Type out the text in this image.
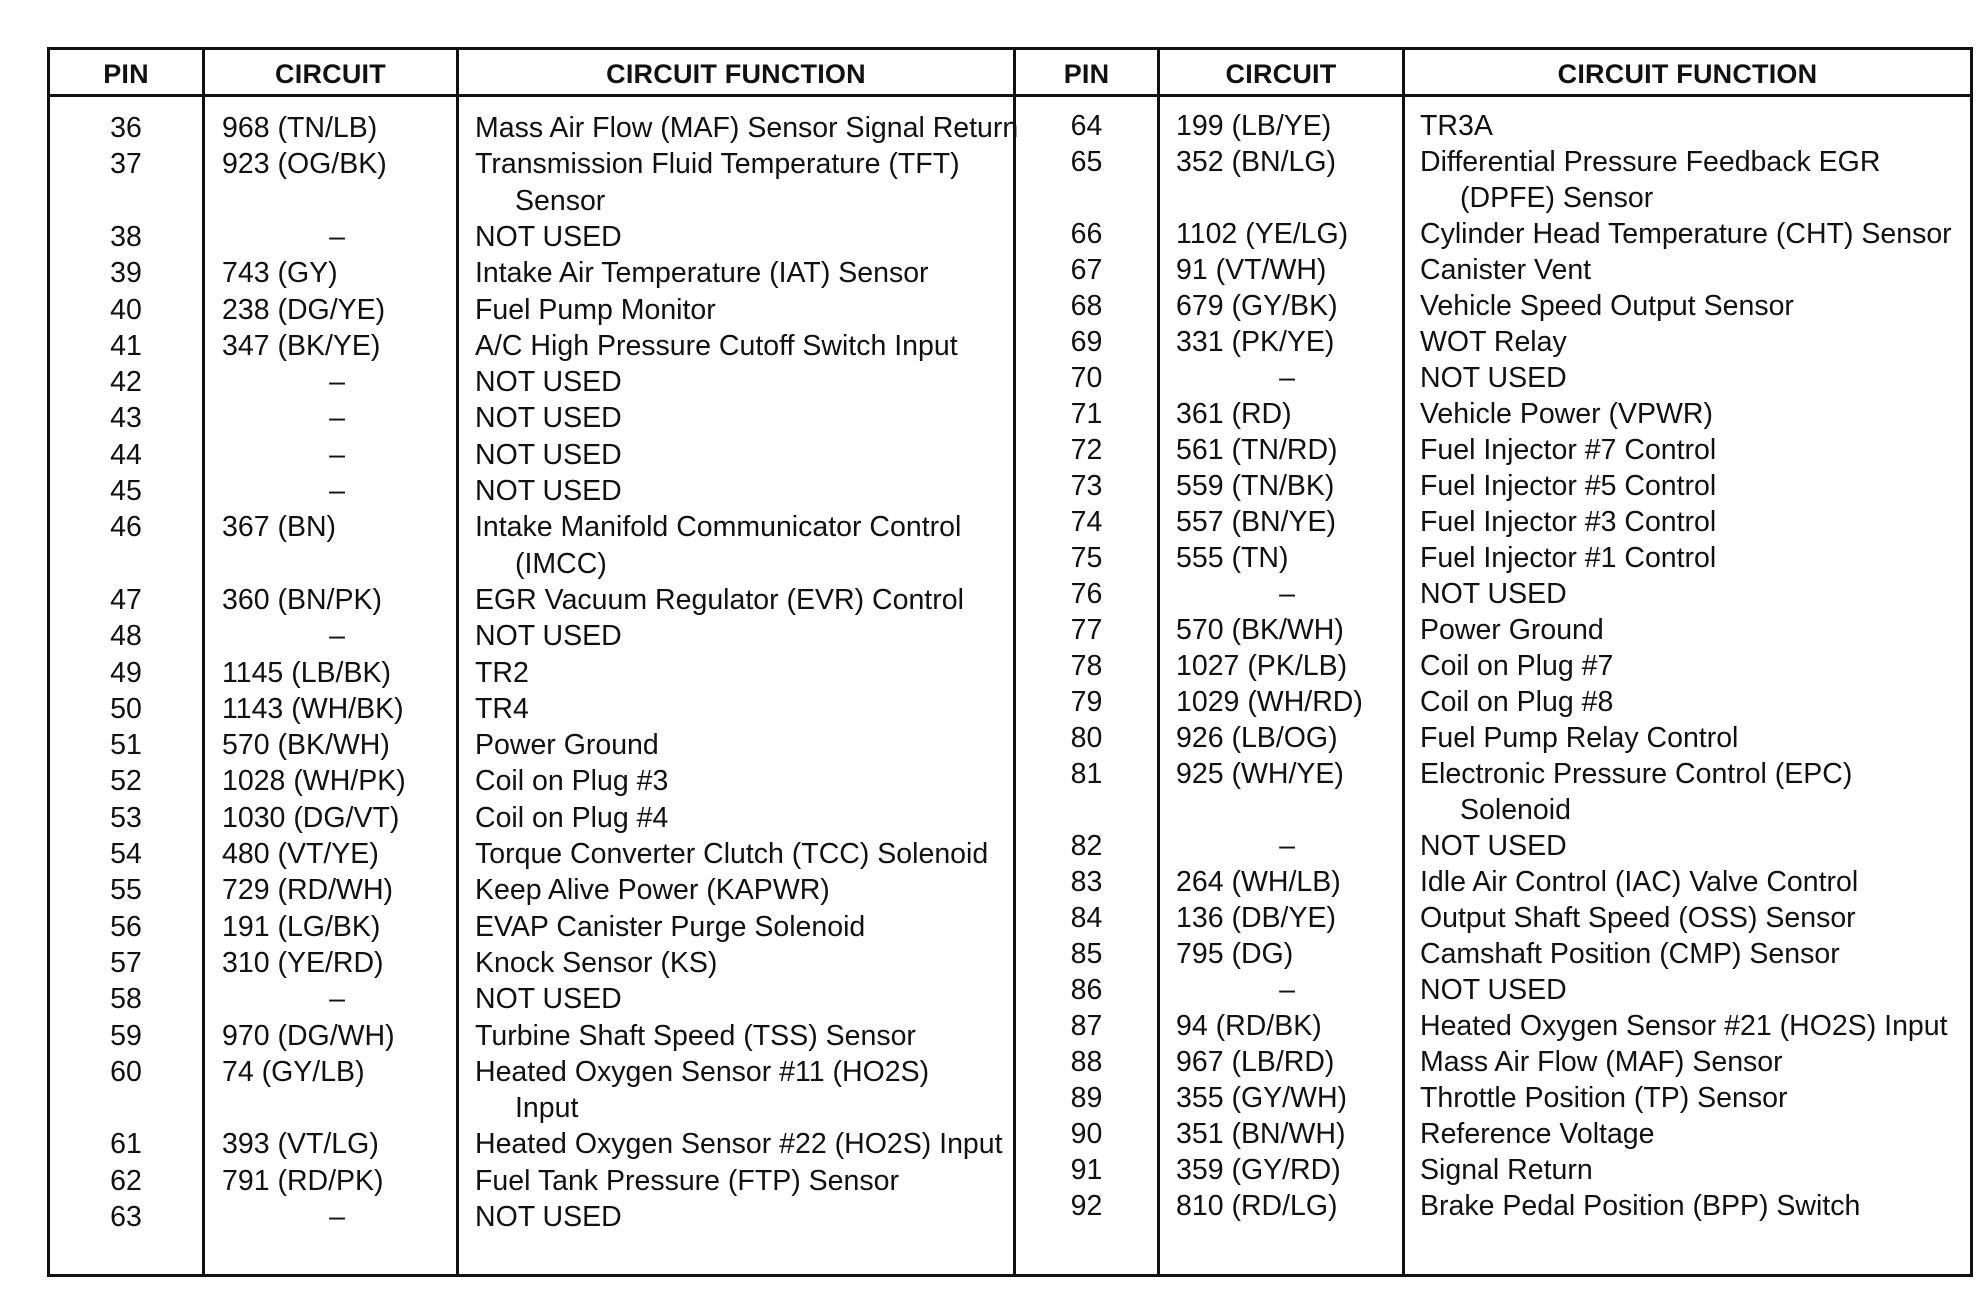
PIN	CIRCUIT	CIRCUIT FUNCTION	PIN	CIRCUIT	CIRCUIT FUNCTION
36	968 (TN/LB)	Mass Air Flow (MAF) Sensor Signal Return
37	923 (OG/BK)	Transmission Fluid Temperature (TFT)
Sensor
38	–	NOT USED
39	743 (GY)	Intake Air Temperature (IAT) Sensor
40	238 (DG/YE)	Fuel Pump Monitor
41	347 (BK/YE)	A/C High Pressure Cutoff Switch Input
42	–	NOT USED
43	–	NOT USED
44	–	NOT USED
45	–	NOT USED
46	367 (BN)	Intake Manifold Communicator Control
(IMCC)
47	360 (BN/PK)	EGR Vacuum Regulator (EVR) Control
48	–	NOT USED
49	1145 (LB/BK)	TR2
50	1143 (WH/BK)	TR4
51	570 (BK/WH)	Power Ground
52	1028 (WH/PK) Coil on Plug #3
53	1030 (DG/VT)	Coil on Plug #4
54	480 (VT/YE)	Torque Converter Clutch (TCC) Solenoid
55	729 (RD/WH)	Keep Alive Power (KAPWR)
56	191 (LG/BK)	EVAP Canister Purge Solenoid
57	310 (YE/RD)	Knock Sensor (KS)
58	–	NOT USED
59	970 (DG/WH)	Turbine Shaft Speed (TSS) Sensor
60	74 (GY/LB)	Heated Oxygen Sensor #11 (HO2S)
Input
61	393 (VT/LG)	Heated Oxygen Sensor #22 (HO2S) Input
62	791 (RD/PK)	Fuel Tank Pressure (FTP) Sensor
63	–	NOT USED
64	199 (LB/YE)	TR3A
65	352 (BN/LG)	Differential Pressure Feedback EGR
(DPFE) Sensor
66	1102 (YE/LG)	Cylinder Head Temperature (CHT) Sensor
67	91 (VT/WH)	Canister Vent
68	679 (GY/BK)	Vehicle Speed Output Sensor
69	331 (PK/YE)	WOT Relay
70	–	NOT USED
71	361 (RD)	Vehicle Power (VPWR)
72	561 (TN/RD)	Fuel Injector #7 Control
73	559 (TN/BK)	Fuel Injector #5 Control
74	557 (BN/YE)	Fuel Injector #3 Control
75	555 (TN)	Fuel Injector #1 Control
76	–	NOT USED
77	570 (BK/WH)	Power Ground
78	1027 (PK/LB)	Coil on Plug #7
79	1029 (WH/RD) Coil on Plug #8
80	926 (LB/OG)	Fuel Pump Relay Control
81	925 (WH/YE)	Electronic Pressure Control (EPC)
Solenoid
82	–	NOT USED
83	264 (WH/LB)	Idle Air Control (IAC) Valve Control
84	136 (DB/YE)	Output Shaft Speed (OSS) Sensor
85	795 (DG)	Camshaft Position (CMP) Sensor
86	–	NOT USED
87	94 (RD/BK)	Heated Oxygen Sensor #21 (HO2S) Input
88	967 (LB/RD)	Mass Air Flow (MAF) Sensor
89	355 (GY/WH)	Throttle Position (TP) Sensor
90	351 (BN/WH)	Reference Voltage
91	359 (GY/RD)	Signal Return
92	810 (RD/LG)	Brake Pedal Position (BPP) Switch
